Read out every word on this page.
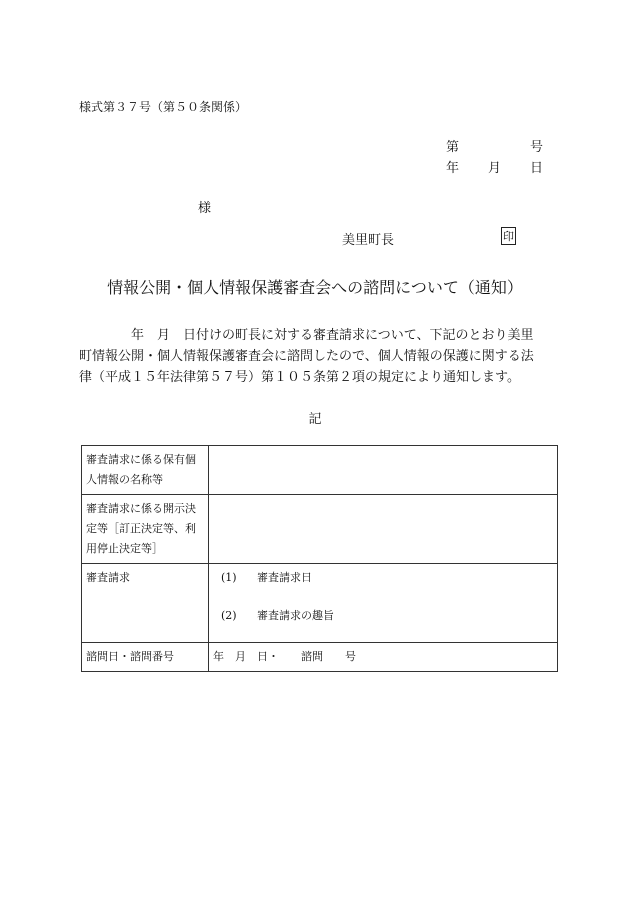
様式第３７号（第５０条関係）
第	号
年 月 日
様
美里町長	印
情報公開・個人情報保護審査会への諮問について（通知）

　　　　年　月　日付けの町長に対する審査請求について、下記のとおり美里

町情報公開・個人情報保護審査会に諮問したので、個人情報の保護に関する法

律（平成１５年法律第５７号）第１０５条第２項の規定により通知します。

記
審査請求に係る保有個人情報の名称等	
審査請求に係る開示決定等［訂正決定等、利用停止決定等］	
審査請求	(1) 審査請求日
(2) 審査請求の趣旨

諮問日・諮問番号	年　月　日・　　諮問　　号
